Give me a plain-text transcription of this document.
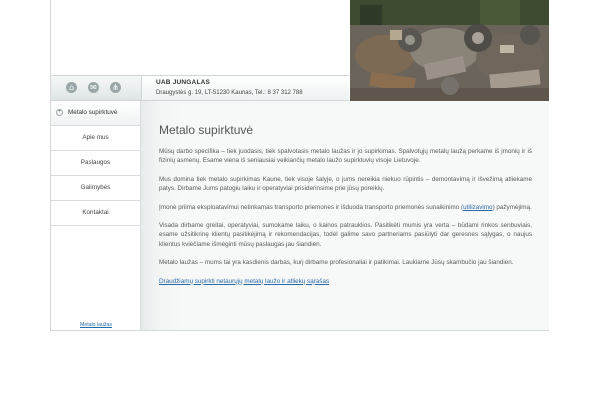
⌂	✉ ⋔
UAB JUNGALAS
Draugystės g. 19, LT-51230 Kaunas, Tel.: 8 37 312 788
+ Metalo supirktuvė
Apie mus
Paslaugos
Galimybės
Kontaktai
Metalo laužas
Metalo supirktuvė

Mūsų darbo specifika – tiek juodasis, tiek spalvotasis metalo laužas ir jo supirkimas. Spalvotųjų metalų laužą perkame iš įmonių ir iš fizinių asmenų. Esame viena iš seniausiai veikiančių metalo laužo supirktuvių visoje Lietuvoje.

Mus domina tiek metalo supirkimas Kaune, tiek visoje šalyje, o jums nereikia niekuo rūpintis – demontavimą ir išvežimą atliekame patys. Dirbame Jums patogiu laiku ir operatyviai prisiderinsime prie jūsų poreikių.

Įmonė priima eksploatavimui netinkamas transporto priemones ir išduoda transporto priemonės sunaikinimo (utilizavimo) pažymėjimą.

Visada dirbame greitai, operatyviai, sumokame laiku, o kainos patrauklios. Pasitikėti mumis yra verta – būdami rinkos senbuviais, esame užsitikrinę klientų pasitikėjimą ir rekomendacijas, todėl galime savo partneriams pasiūlyti dar geresnes sąlygas, o naujus klientus kviečiame išmėginti mūsų paslaugas jau šiandien.

Metalo laužas – mums tai yra kasdienis darbas, kurį dirbame profesionaliai ir patikimai. Laukiame Jūsų skambučio jau šiandien.

Draudžiamų supirkti netaurųjų metalų laužo ir atliekų sąrašas
